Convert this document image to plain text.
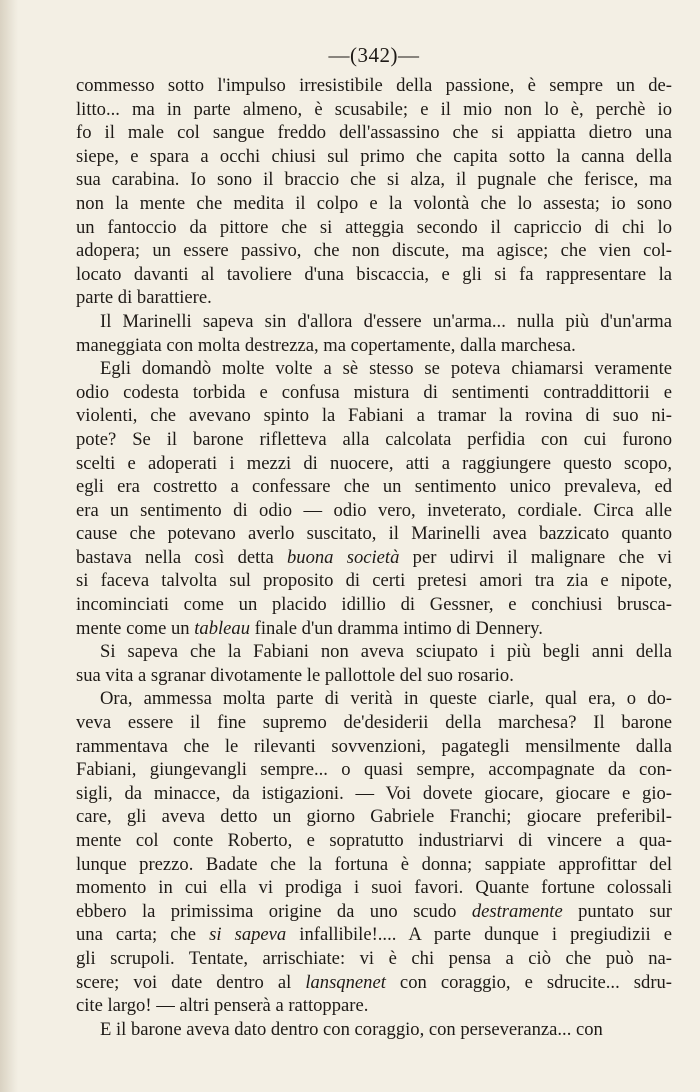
—(342)—
commesso sotto l'impulso irresistibile della passione, è sempre un de-
litto... ma in parte almeno, è scusabile; e il mio non lo è, perchè io
fo il male col sangue freddo dell'assassino che si appiatta dietro una
siepe, e spara a occhi chiusi sul primo che capita sotto la canna della
sua carabina. Io sono il braccio che si alza, il pugnale che ferisce, ma
non la mente che medita il colpo e la volontà che lo assesta; io sono
un fantoccio da pittore che si atteggia secondo il capriccio di chi lo
adopera; un essere passivo, che non discute, ma agisce; che vien col-
locato davanti al tavoliere d'una biscaccia, e gli si fa rappresentare la
parte di barattiere.
Il Marinelli sapeva sin d'allora d'essere un'arma... nulla più d'un'arma
maneggiata con molta destrezza, ma copertamente, dalla marchesa.
Egli domandò molte volte a sè stesso se poteva chiamarsi veramente
odio codesta torbida e confusa mistura di sentimenti contraddittorii e
violenti, che avevano spinto la Fabiani a tramar la rovina di suo ni-
pote? Se il barone rifletteva alla calcolata perfidia con cui furono
scelti e adoperati i mezzi di nuocere, atti a raggiungere questo scopo,
egli era costretto a confessare che un sentimento unico prevaleva, ed
era un sentimento di odio — odio vero, inveterato, cordiale. Circa alle
cause che potevano averlo suscitato, il Marinelli avea bazzicato quanto
bastava nella così detta buona società per udirvi il malignare che vi
si faceva talvolta sul proposito di certi pretesi amori tra zia e nipote,
incominciati come un placido idillio di Gessner, e conchiusi brusca-
mente come un tableau finale d'un dramma intimo di Dennery.
Si sapeva che la Fabiani non aveva sciupato i più begli anni della
sua vita a sgranar divotamente le pallottole del suo rosario.
Ora, ammessa molta parte di verità in queste ciarle, qual era, o do-
veva essere il fine supremo de'desiderii della marchesa? Il barone
rammentava che le rilevanti sovvenzioni, pagategli mensilmente dalla
Fabiani, giungevangli sempre... o quasi sempre, accompagnate da con-
sigli, da minacce, da istigazioni. — Voi dovete giocare, giocare e gio-
care, gli aveva detto un giorno Gabriele Franchi; giocare preferibil-
mente col conte Roberto, e sopratutto industriarvi di vincere a qua-
lunque prezzo. Badate che la fortuna è donna; sappiate approfittar del
momento in cui ella vi prodiga i suoi favori. Quante fortune colossali
ebbero la primissima origine da uno scudo destramente puntato sur
una carta; che si sapeva infallibile!.... A parte dunque i pregiudizii e
gli scrupoli. Tentate, arrischiate: vi è chi pensa a ciò che può na-
scere; voi date dentro al lansqnenet con coraggio, e sdrucite... sdru-
cite largo! — altri penserà a rattoppare.
E il barone aveva dato dentro con coraggio, con perseveranza... con
